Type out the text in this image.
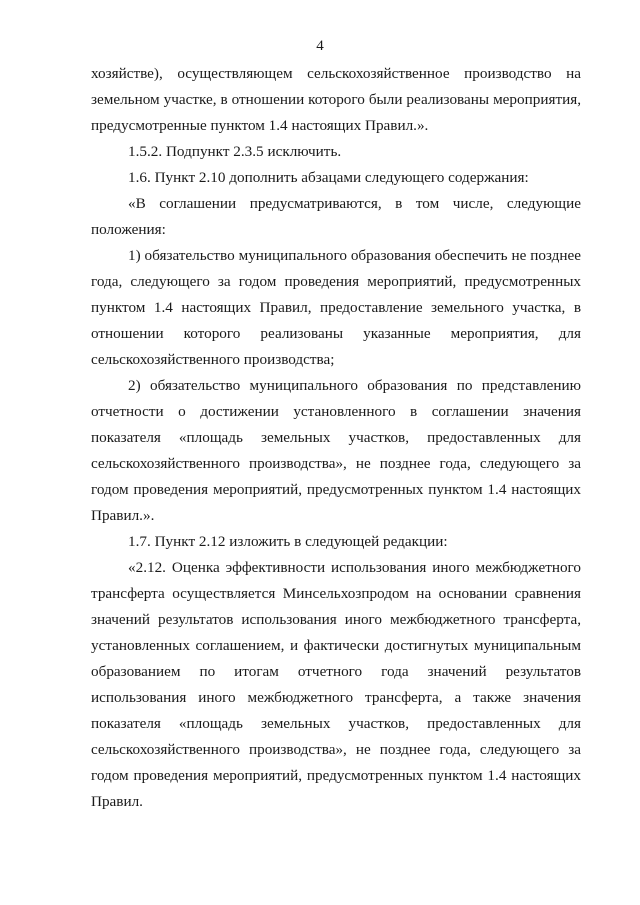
4

хозяйстве), осуществляющем сельскохозяйственное производство на земельном участке, в отношении которого были реализованы мероприятия, предусмотренные пунктом 1.4 настоящих Правил.».

1.5.2. Подпункт 2.3.5 исключить.

1.6. Пункт 2.10 дополнить абзацами следующего содержания:

«В соглашении предусматриваются, в том числе, следующие положения:

1) обязательство муниципального образования обеспечить не позднее года, следующего за годом проведения мероприятий, предусмотренных пунктом 1.4 настоящих Правил, предоставление земельного участка, в отношении которого реализованы указанные мероприятия, для сельскохозяйственного производства;

2) обязательство муниципального образования по представлению отчетности о достижении установленного в соглашении значения показателя «площадь земельных участков, предоставленных для сельскохозяйственного производства», не позднее года, следующего за годом проведения мероприятий, предусмотренных пунктом 1.4 настоящих Правил.».

1.7. Пункт 2.12 изложить в следующей редакции:

«2.12. Оценка эффективности использования иного межбюджетного трансферта осуществляется Минсельхозпродом на основании сравнения значений результатов использования иного межбюджетного трансферта, установленных соглашением, и фактически достигнутых муниципальным образованием по итогам отчетного года значений результатов использования иного межбюджетного трансферта, а также значения показателя «площадь земельных участков, предоставленных для сельскохозяйственного производства», не позднее года, следующего за годом проведения мероприятий, предусмотренных пунктом 1.4 настоящих Правил.
